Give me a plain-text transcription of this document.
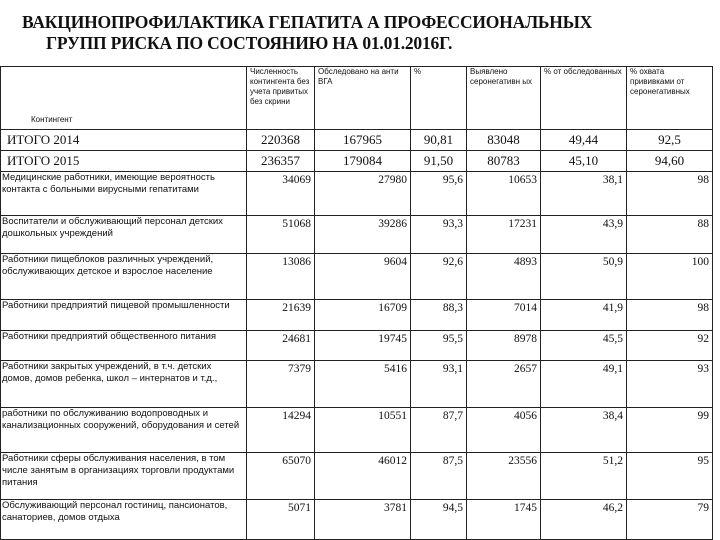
ВАКЦИНОПРОФИЛАКТИКА ГЕПАТИТА А ПРОФЕССИОНАЛЬНЫХ
ГРУПП РИСКА ПО СОСТОЯНИЮ НА 01.01.2016Г.
Контингент	Численность контингента без учета привитых без скрини	Обследовано на анти ВГА	%	Выявлено серонегативн ых	% от обследованных	% охвата прививками от серонегативных
ИТОГО 2014	220368	167965	90,81	83048	49,44	92,5
ИТОГО 2015	236357	179084	91,50	80783	45,10	94,60
Медицинские работники, имеющие вероятность контакта с больными вирусными гепатитами	34069	27980	95,6	10653	38,1	98
Воспитатели и обслуживающий персонал детских дошкольных учреждений	51068	39286	93,3	17231	43,9	88
Работники пищеблоков различных учреждений, обслуживающих детское и взрослое население	13086	9604	92,6	4893	50,9	100
Работники предприятий пищевой промышленности	21639	16709	88,3	7014	41,9	98
Работники предприятий общественного питания	24681	19745	95,5	8978	45,5	92
Работники закрытых учреждений, в т.ч. детских домов, домов ребенка, школ – интернатов и т.д.,	7379	5416	93,1	2657	49,1	93
работники по обслуживанию водопроводных и канализационных сооружений, оборудования и сетей	14294	10551	87,7	4056	38,4	99
Работники сферы обслуживания населения, в том числе занятым в организациях торговли продуктами питания	65070	46012	87,5	23556	51,2	95
Обслуживающий персонал гостиниц, пансионатов, санаториев, домов отдыха	5071	3781	94,5	1745	46,2	79
